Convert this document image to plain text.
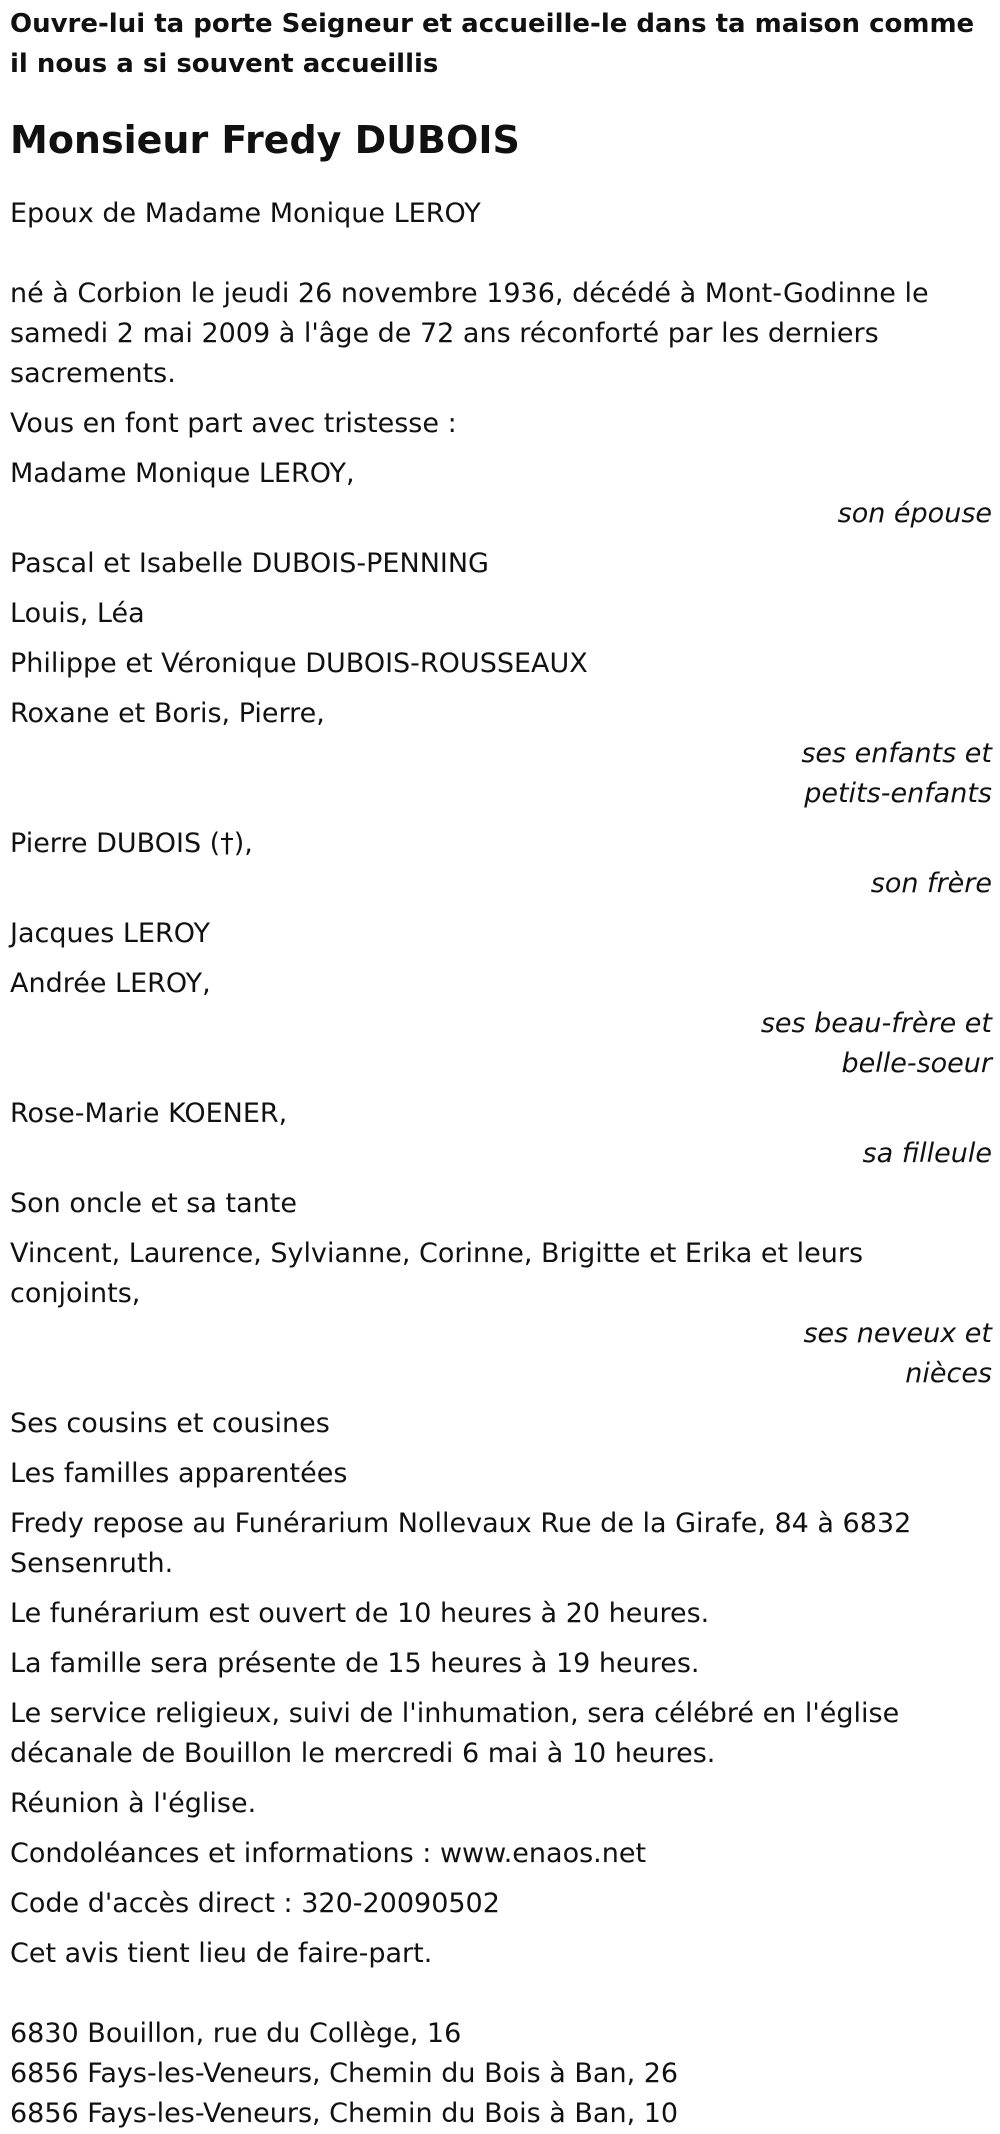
Ouvre-lui ta porte Seigneur et accueille-le dans ta maison comme il nous a si souvent accueillis

Monsieur Fredy DUBOIS

Epoux de Madame Monique LEROY

né à Corbion le jeudi 26 novembre 1936, décédé à Mont-Godinne le samedi 2 mai 2009 à l'âge de 72 ans réconforté par les derniers sacrements.

Vous en font part avec tristesse :

Madame Monique LEROY,

son épouse

Pascal et Isabelle DUBOIS-PENNING

Louis, Léa

Philippe et Véronique DUBOIS-ROUSSEAUX

Roxane et Boris, Pierre,

ses enfants et

petits-enfants

Pierre DUBOIS (†),

son frère

Jacques LEROY

Andrée LEROY,

ses beau-frère et

belle-soeur

Rose-Marie KOENER,

sa filleule

Son oncle et sa tante

Vincent, Laurence, Sylvianne, Corinne, Brigitte et Erika et leurs conjoints,

ses neveux et

nièces

Ses cousins et cousines

Les familles apparentées

Fredy repose au Funérarium Nollevaux Rue de la Girafe, 84 à 6832 Sensenruth.

Le funérarium est ouvert de 10 heures à 20 heures.

La famille sera présente de 15 heures à 19 heures.

Le service religieux, suivi de l'inhumation, sera célébré en l'église décanale de Bouillon le mercredi 6 mai à 10 heures.

Réunion à l'église.

Condoléances et informations : www.enaos.net

Code d'accès direct : 320-20090502

Cet avis tient lieu de faire-part.

6830 Bouillon, rue du Collège, 16

6856 Fays-les-Veneurs, Chemin du Bois à Ban, 26

6856 Fays-les-Veneurs, Chemin du Bois à Ban, 10
